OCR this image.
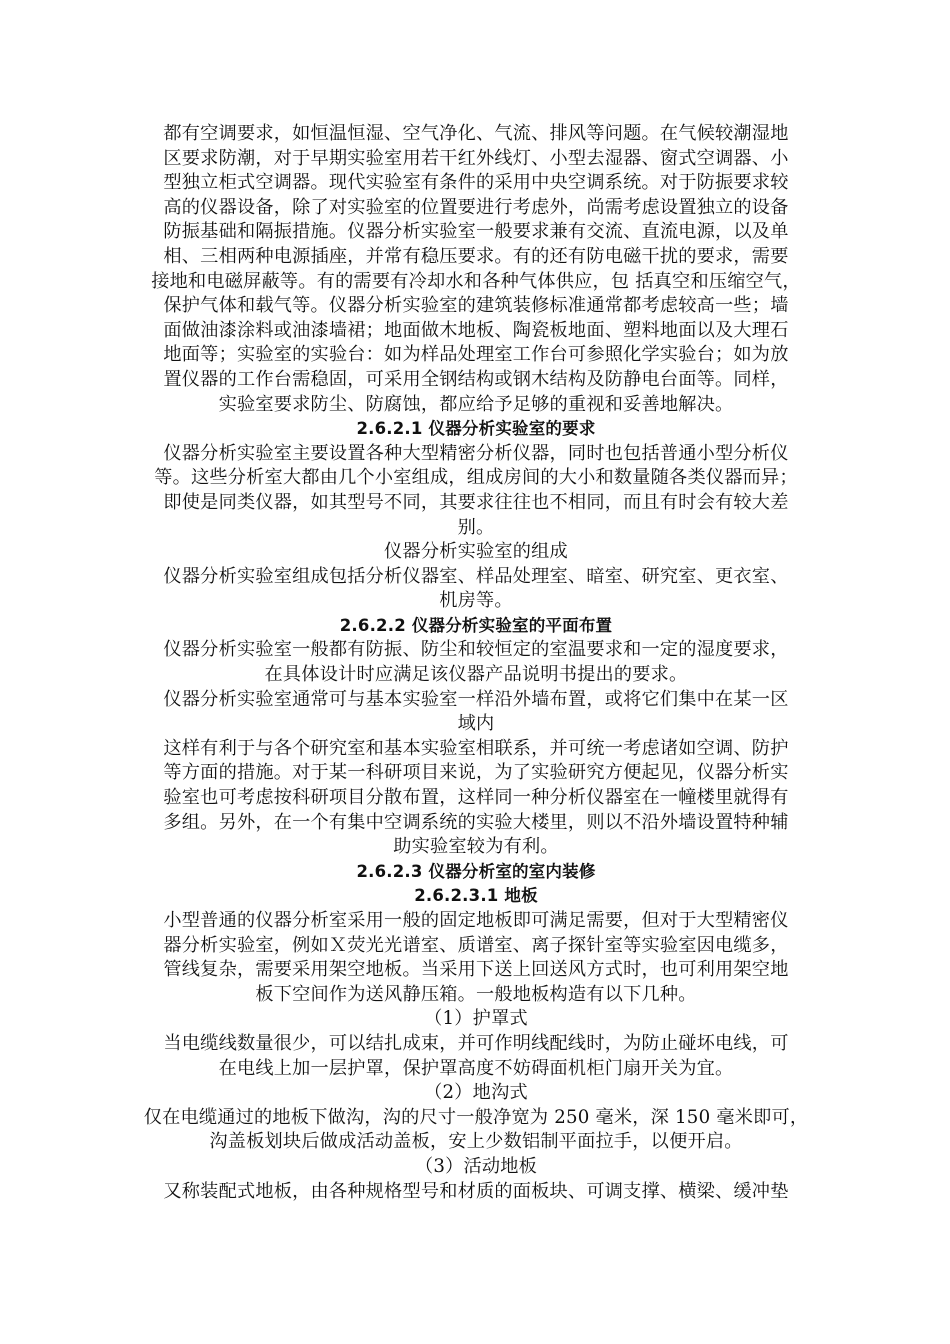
都有空调要求，如恒温恒湿、空气净化、气流、排风等问题。在气候较潮湿地
区要求防潮，对于早期实验室用若干红外线灯、小型去湿器、窗式空调器、小
型独立柜式空调器。现代实验室有条件的采用中央空调系统。对于防振要求较
高的仪器设备，除了对实验室的位置要进行考虑外，尚需考虑设置独立的设备
防振基础和隔振措施。仪器分析实验室一般要求兼有交流、直流电源，以及单
相、三相两种电源插座，并常有稳压要求。有的还有防电磁干扰的要求，需要
接地和电磁屏蔽等。有的需要有冷却水和各种气体供应，包 括真空和压缩空气，
保护气体和载气等。仪器分析实验室的建筑装修标准通常都考虑较高一些；墙
面做油漆涂料或油漆墙裙；地面做木地板、陶瓷板地面、塑料地面以及大理石
地面等；实验室的实验台：如为样品处理室工作台可参照化学实验台；如为放
置仪器的工作台需稳固，可采用全钢结构或钢木结构及防静电台面等。同样，
实验室要求防尘、防腐蚀，都应给予足够的重视和妥善地解决。
2.6.2.1 仪器分析实验室的要求
仪器分析实验室主要设置各种大型精密分析仪器，同时也包括普通小型分析仪
等。这些分析室大都由几个小室组成，组成房间的大小和数量随各类仪器而异；
即使是同类仪器，如其型号不同，其要求往往也不相同，而且有时会有较大差
别。
仪器分析实验室的组成
仪器分析实验室组成包括分析仪器室、样品处理室、暗室、研究室、更衣室、
机房等。
2.6.2.2 仪器分析实验室的平面布置
仪器分析实验室一般都有防振、防尘和较恒定的室温要求和一定的湿度要求，
在具体设计时应满足该仪器产品说明书提出的要求。
仪器分析实验室通常可与基本实验室一样沿外墙布置，或将它们集中在某一区
域内
这样有利于与各个研究室和基本实验室相联系，并可统一考虑诸如空调、防护
等方面的措施。对于某一科研项目来说，为了实验研究方便起见，仪器分析实
验室也可考虑按科研项目分散布置，这样同一种分析仪器室在一幢楼里就得有
多组。另外，在一个有集中空调系统的实验大楼里，则以不沿外墙设置特种辅
助实验室较为有利。
2.6.2.3 仪器分析室的室内装修
2.6.2.3.1 地板
小型普通的仪器分析室采用一般的固定地板即可满足需要，但对于大型精密仪
器分析实验室，例如Ｘ荧光光谱室、质谱室、离子探针室等实验室因电缆多，
管线复杂，需要采用架空地板。当采用下送上回送风方式时，也可利用架空地
板下空间作为送风静压箱。一般地板构造有以下几种。
（1）护罩式
当电缆线数量很少，可以结扎成束，并可作明线配线时，为防止碰坏电线，可
在电线上加一层护罩，保护罩高度不妨碍面机柜门扇开关为宜。
（2）地沟式
仅在电缆通过的地板下做沟，沟的尺寸一般净宽为 250 毫米，深 150 毫米即可，
沟盖板划块后做成活动盖板，安上少数铝制平面拉手，以便开启。
（3）活动地板
又称装配式地板，由各种规格型号和材质的面板块、可调支撑、横梁、缓冲垫
